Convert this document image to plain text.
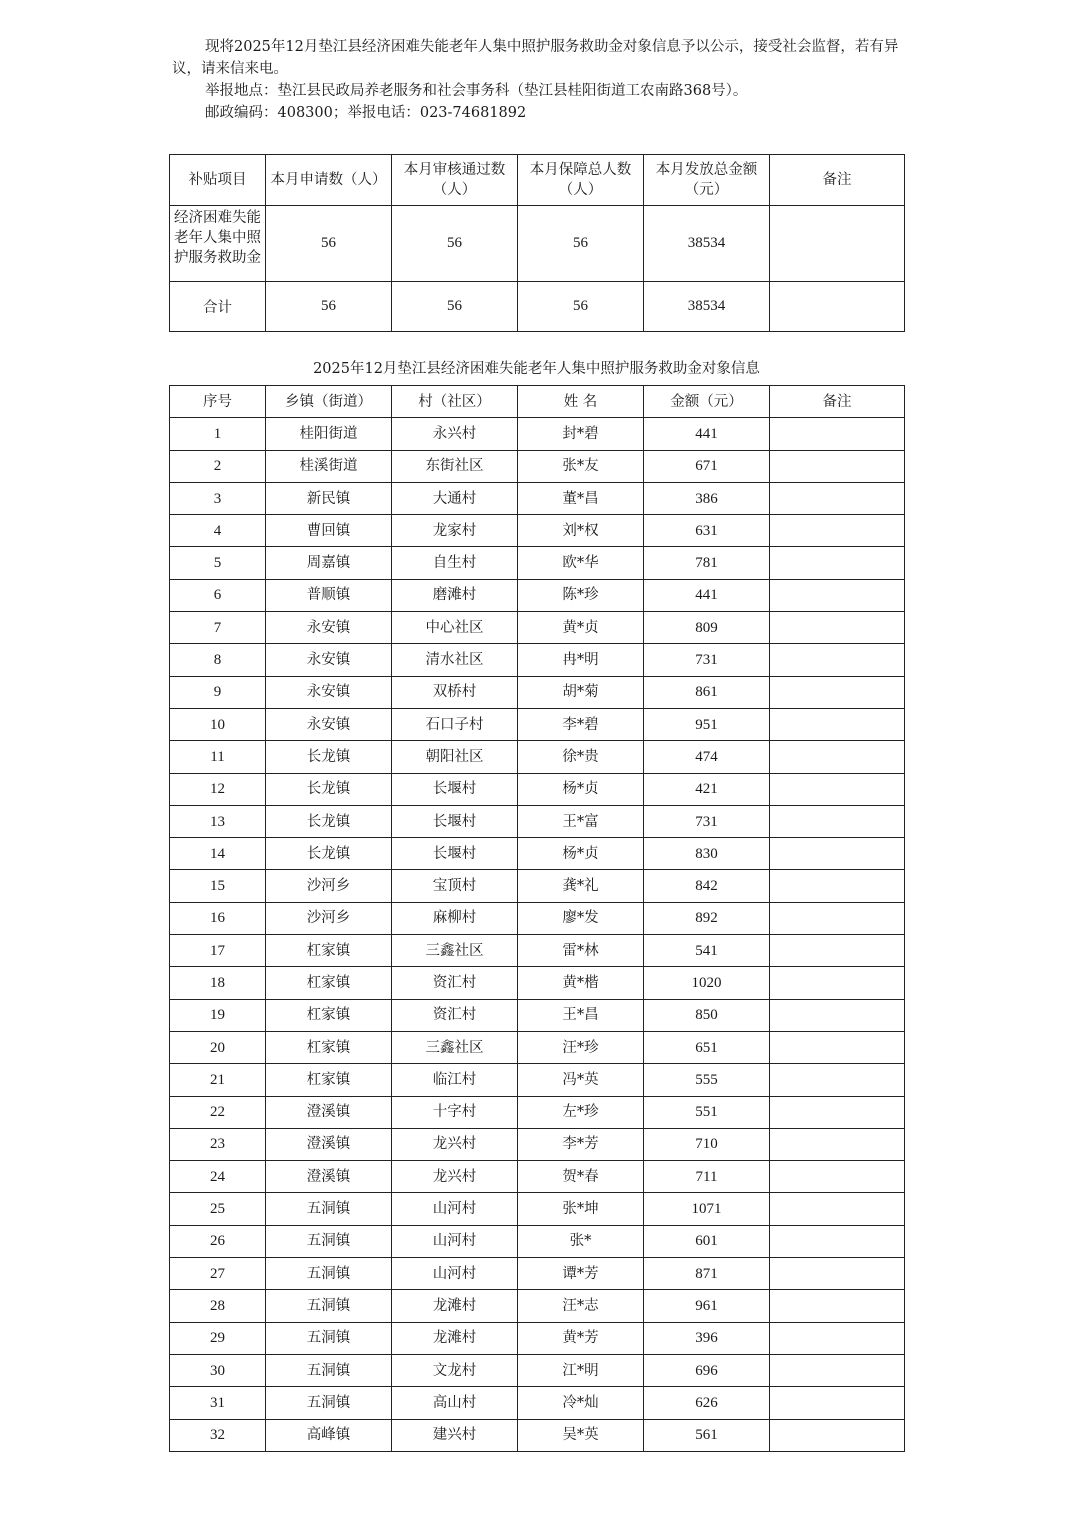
现将2025年12月垫江县经济困难失能老年人集中照护服务救助金对象信息予以公示，接受社会监督，若有异议，请来信来电。

举报地点：垫江县民政局养老服务和社会事务科（垫江县桂阳街道工农南路368号）。

邮政编码：408300；举报电话：023-74681892

补贴项目	本月申请数（人）	本月审核通过数（人）	本月保障总人数（人）	本月发放总金额（元）	备注

经济困难失能老年人集中照护服务救助金	56	56	56	38534	
合计	56	56	56	38534	
2025年12月垫江县经济困难失能老年人集中照护服务救助金对象信息
序号	乡镇（街道）	村（社区）	姓 名	金额（元）	备注
1	桂阳街道	永兴村	封*碧	441	
2	桂溪街道	东街社区	张*友	671	
3	新民镇	大通村	董*昌	386	
4	曹回镇	龙家村	刘*权	631	
5	周嘉镇	自生村	欧*华	781	
6	普顺镇	磨滩村	陈*珍	441	
7	永安镇	中心社区	黄*贞	809	
8	永安镇	清水社区	冉*明	731	
9	永安镇	双桥村	胡*菊	861	
10	永安镇	石口子村	李*碧	951	
11	长龙镇	朝阳社区	徐*贵	474	
12	长龙镇	长堰村	杨*贞	421	
13	长龙镇	长堰村	王*富	731	
14	长龙镇	长堰村	杨*贞	830	
15	沙河乡	宝顶村	龚*礼	842	
16	沙河乡	麻柳村	廖*发	892	
17	杠家镇	三鑫社区	雷*林	541	
18	杠家镇	资汇村	黄*楷	1020	
19	杠家镇	资汇村	王*昌	850	
20	杠家镇	三鑫社区	汪*珍	651	
21	杠家镇	临江村	冯*英	555	
22	澄溪镇	十字村	左*珍	551	
23	澄溪镇	龙兴村	李*芳	710	
24	澄溪镇	龙兴村	贺*春	711	
25	五洞镇	山河村	张*坤	1071	
26	五洞镇	山河村	张*	601	
27	五洞镇	山河村	谭*芳	871	
28	五洞镇	龙滩村	汪*志	961	
29	五洞镇	龙滩村	黄*芳	396	
30	五洞镇	文龙村	江*明	696	
31	五洞镇	高山村	冷*灿	626	
32	高峰镇	建兴村	吴*英	561	
